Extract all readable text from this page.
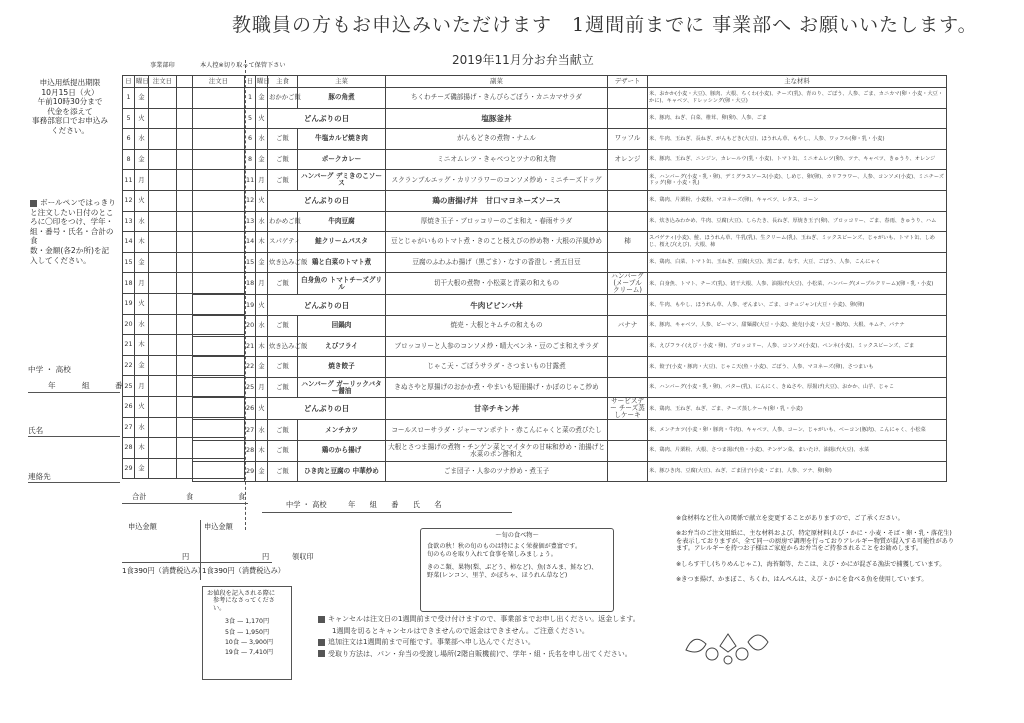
教職員の方もお申込みいただけます　1週間前までに 事業部へ お願いいたします。
2019年11月分お弁当献立
事業部印	本人控※切り取って保管下さい
申込用紙提出期限
10月15日（火）
午前10時30分まで
代金を添えて
事務部窓口でお申込み
ください。
ボールペンではっきり
と注文したい日付のとこ
ろに〇印をつけ、学年・
組・番号・氏名・合計の食
数・金額(各2か所)を記
入してください。
中学 ・ 高校
年	組	番
氏名
連絡先
日	曜日	注文日	
1	金		
5	火		
6	水		
8	金		
11	月		
12	火		
13	水		
14	木		
15	金		
18	月		
19	火		
20	水		
21	木		
22	金		
25	月		
26	火		
27	水		
28	木		
29	金		
注文日	日	曜日	主食	主菜	副菜	デザート	主な材料
	1	金	おかかご飯	豚の角煮	ちくわチーズ磯部揚げ・きんぴらごぼう・カニカマサラダ		米、おかか(小麦・大豆)、豚肉、大根、ちくわ(小麦)、チーズ(乳)、青のり、ごぼう、人参、ごま、カニカマ(卵・小麦・大豆・かに)、キャベツ、ドレッシング(卵・大豆)
	5	火	どんぶりの日		塩豚釜丼		米、豚肉、ねぎ、白菜、椎茸、卵(卵)、人参、ごま
	6	水	ご飯	牛塩カルビ焼き肉	がんもどきの煮物・ナムル	ワッフル	米、牛肉、玉ねぎ、長ねぎ、がんもどき(大豆)、ほうれん草、もやし、人参、ワッフル(卵・乳・小麦)
	8	金	ご飯	ポークカレー	ミニオムレツ・きゃべつとツナの和え物	オレンジ	米、豚肉、玉ねぎ、ニンジン、カレールウ(乳・小麦)、トマト缶、ミニオムレツ(卵)、ツナ、キャベツ、きゅうり、オレンジ
	11	月	ご飯	ハンバーグ デミきのこソース	スクランブルエッグ・カリフラワーのコンソメ炒め・ミニチーズドッグ		米、ハンバーグ(小麦・乳・卵)、デミグラスソース(小麦)、しめじ、卵(卵)、カリフラワー、人参、コンソメ(小麦)、ミニチーズドッグ(卵・小麦・乳)
	12	火	どんぶりの日		鶏の唐揚げ丼　甘口マヨネーズソース		米、鶏肉、片栗粉、小麦粉、マヨネーズ(卵)、キャベツ、レタス、コーン
	13	水	わかめご飯	牛肉豆腐	厚焼き玉子・ブロッコリーのごま和え・春雨サラダ		米、炊き込みわかめ、牛肉、豆腐(大豆)、しらたき、長ねぎ、厚焼き玉子(卵)、ブロッコリー、ごま、春雨、きゅうり、ハム
	14	木	スパゲティ	鮭クリームパスタ	豆とじゃがいものトマト煮・きのこと桜えびの炒め物・大根の洋風炒め	柿	スパゲティ(小麦)、鮭、ほうれん草、牛乳(乳)、生クリーム(乳)、玉ねぎ、ミックスビーンズ、じゃがいも、トマト缶、しめじ、桜えび(えび)、大根、柿
	15	金	炊き込みご飯	鶏と白菜のトマト煮	豆腐のふわふわ揚げ（黒ごま）・なすの香澄し・煮五目豆		米、鶏肉、白菜、トマト缶、玉ねぎ、豆腐(大豆)、黒ごま、なす、大豆、ごぼう、人参、こんにゃく
	18	月	ご飯	白身魚の トマトチーズグリル	切干大根の煮物・小松菜と青菜の和えもの	ハンバーグ (メープル クリーム)	米、白身魚、トマト、チーズ(乳)、切干大根、人参、油揚げ(大豆)、小松菜、ハンバーグ(メープルクリーム)(卵・乳・小麦)
	19	火	どんぶりの日		牛肉ビビンバ丼		米、牛肉、もやし、ほうれん草、人参、ぜんまい、ごま、コチュジャン(大豆・小麦)、卵(卵)
	20	水	ご飯	回鍋肉	焼売・大根とキムチの和えもの	バナナ	米、豚肉、キャベツ、人参、ピーマン、甜麺醤(大豆・小麦)、焼売(小麦・大豆・豚肉)、大根、キムチ、バナナ
	21	木	炊き込みご飯	えびフライ	ブロッコリーと人参のコンソメ炒・晴大ベンネ・豆のごま和えサラダ		米、えびフライ(えび・小麦・卵)、ブロッコリー、人参、コンソメ(小麦)、ペンネ(小麦)、ミックスビーンズ、ごま
	22	金	ご飯	焼き餃子	じゃこ天・ごぼうサラダ・さつまいもの甘露煮		米、餃子(小麦・豚肉・大豆)、じゃこ天(魚・小麦)、ごぼう、人参、マヨネーズ(卵)、さつまいも
	25	月	ご飯	ハンバーグ ガーリックバター醤油	きぬさやと厚揚げのおかか煮・やまいも短冊揚げ・かぼのじゃこ炒め		米、ハンバーグ(小麦・乳・卵)、バター(乳)、にんにく、きぬさや、厚揚げ(大豆)、おかか、山芋、じゃこ
	26	火	どんぶりの日		甘辛チキン丼	サービスデー チーズ蒸しケーキ	米、鶏肉、玉ねぎ、ねぎ、ごま、チーズ蒸しケーキ(卵・乳・小麦)
	27	水	ご飯	メンチカツ	コールスローサラダ・ジャーマンポテト・赤こんにゃくと菜の煮びたし		米、メンチカツ(小麦・卵・豚肉・牛肉)、キャベツ、人参、コーン、じゃがいも、ベーコン(豚肉)、こんにゃく、小松菜
	28	木	ご飯	鶏のから揚げ	大根とさつま揚げの煮物・チンゲン菜とマイタケの甘味和炒め・油揚げと水菜のポン酢和え		米、鶏肉、片栗粉、大根、さつま揚げ(魚・小麦)、チンゲン菜、まいたけ、油揚げ(大豆)、水菜
	29	金	ご飯	ひき肉と豆腐の 中華炒め	ごま団子・人参のツナ炒め・煮玉子		米、豚ひき肉、豆腐(大豆)、ねぎ、ごま団子(小麦・ごま)、人参、ツナ、卵(卵)
合計	食	食
中学 ・ 高校　　　年　　組　　番　　氏　　名
申込金額	申込金額
円	円	領収印
1食390円（消費税込み）
1食390円（消費税込み）
お値段を記入される際に
参考になさってください。
3食 — 1,170円
5食 — 1,950円
10食 — 3,900円
19食 — 7,410円
～旬の食べ物～
食欲の秋！秋の旬のものは特によく栄養価が豊富です。
旬のものを取り入れて食事を楽しみましょう。
きのこ類、果物(梨、ぶどう、柿など)、魚(さんま、鮭など)、
野菜(レンコン、里芋、かぼちゃ、ほうれん草など)
キャンセルは注文日の1週間前まで受け付けますので、事業部までお申し出ください。返金します。
1週間を切るとキャンセルはできませんので返金はできません。ご注意ください。
追加注文は1週間前まで可能です。事業部へ申し込んでください。
受取り方法は、パン・弁当の受渡し場所(2階自販機前)で、学年・組・氏名を申し出てください。
※食材料など仕入の関係で献立を変更することがありますので、ご了承ください。
※お弁当のご注文用紙に、主な材料および、特定原材料(えび・かに・小麦・そば・卵・乳・落花生)を表示しておりますが、全て同一の厨房で調理を行っておりアレルギー物質が混入する可能性があります。アレルギーを持つお子様はご家庭からお弁当をご持参されることをお勧めします。
※しらす干し(ちりめんじゃこ)、海苔類等、たこは、えび・かにが混ざる漁法で捕獲しています。
※きつま揚げ、かまぼこ、ちくわ、はんぺんは、えび・かにを食べる魚を使用しています。
